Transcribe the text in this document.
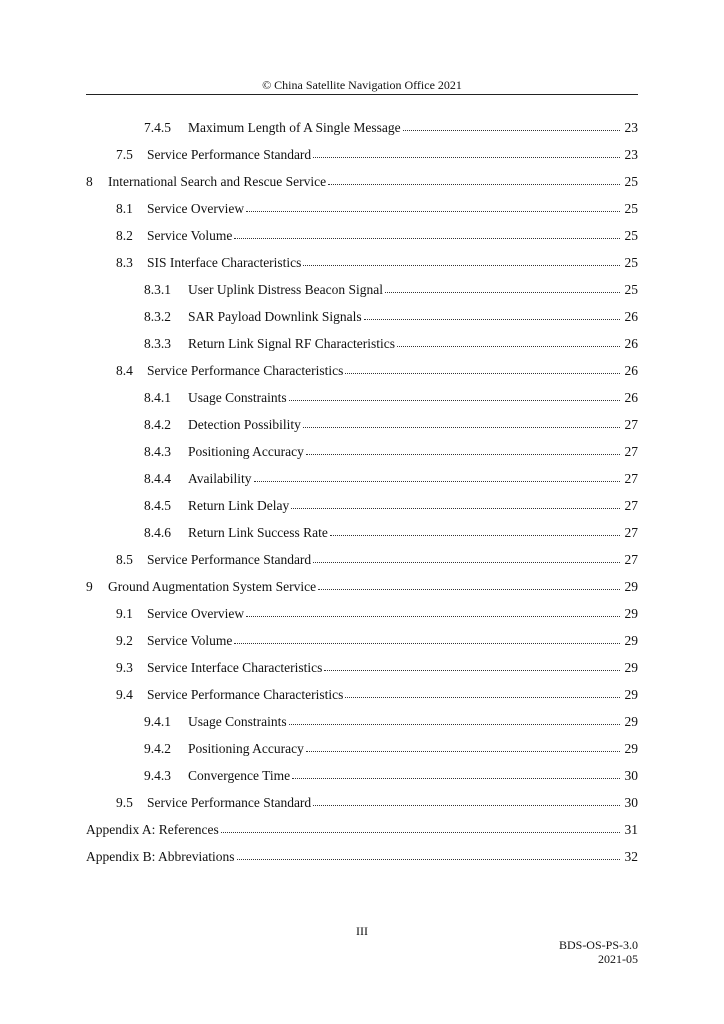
© China Satellite Navigation Office 2021
7.4.5	Maximum Length of A Single Message	23
7.5	Service Performance Standard	23
8	International Search and Rescue Service	25
8.1	Service Overview	25
8.2	Service Volume	25
8.3	SIS Interface Characteristics	25
8.3.1	User Uplink Distress Beacon Signal	25
8.3.2	SAR Payload Downlink Signals	26
8.3.3	Return Link Signal RF Characteristics	26
8.4	Service Performance Characteristics	26
8.4.1	Usage Constraints	26
8.4.2	Detection Possibility	27
8.4.3	Positioning Accuracy	27
8.4.4	Availability	27
8.4.5	Return Link Delay	27
8.4.6	Return Link Success Rate	27
8.5	Service Performance Standard	27
9	Ground Augmentation System Service	29
9.1	Service Overview	29
9.2	Service Volume	29
9.3	Service Interface Characteristics	29
9.4	Service Performance Characteristics	29
9.4.1	Usage Constraints	29
9.4.2	Positioning Accuracy	29
9.4.3	Convergence Time	30
9.5	Service Performance Standard	30
Appendix A: References	31
Appendix B: Abbreviations	32
III
BDS-OS-PS-3.0
2021-05
